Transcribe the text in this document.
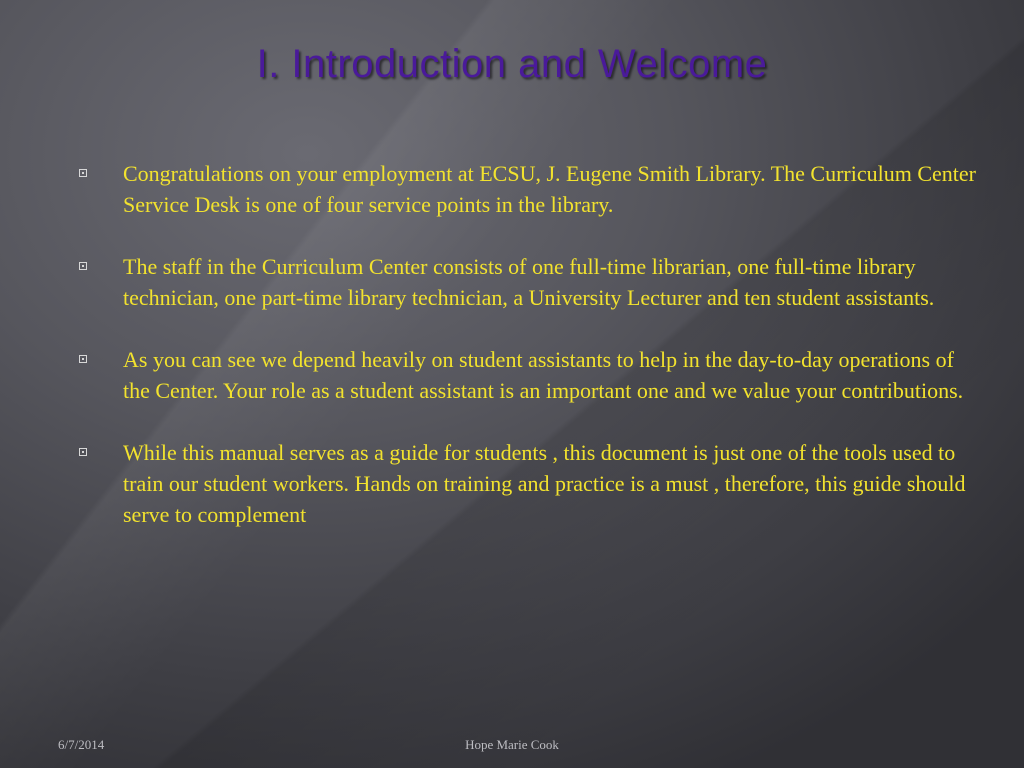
I. Introduction and Welcome
Congratulations on your employment at ECSU, J. Eugene Smith Library. The Curriculum Center Service Desk is one of four service points in the library.
The staff in the Curriculum Center consists of one full-time librarian, one full-time library technician, one part-time library technician, a University Lecturer and ten student assistants.
As you can see we depend heavily on student assistants to help in the day-to-day operations of the Center. Your role as a student assistant is an important one and we value your contributions.
While this manual serves as a guide for students , this document is just one of the tools used to train our student workers. Hands on training and practice is a must , therefore, this guide should serve to complement
6/7/2014	Hope Marie Cook
